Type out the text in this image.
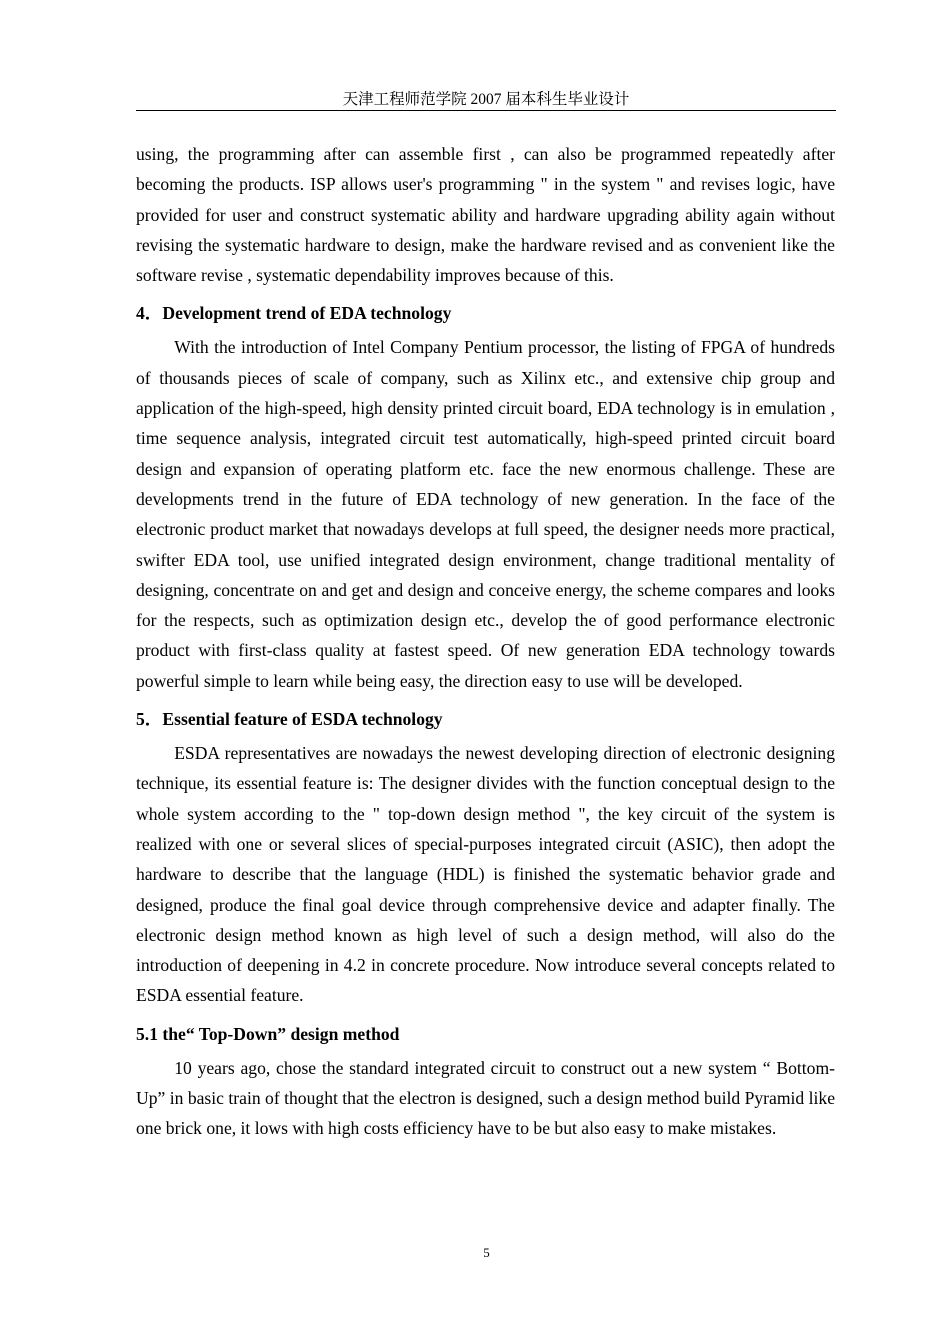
天津工程师范学院 2007 届本科生毕业设计

using, the programming after can assemble first , can also be programmed repeatedly after becoming the products. ISP allows user's programming " in the system " and revises logic, have provided for user and construct systematic ability and hardware upgrading ability again without revising the systematic hardware to design, make the hardware revised and as convenient like the software revise , systematic dependability improves because of this.

4．Development trend of EDA technology

With the introduction of Intel Company Pentium processor, the listing of FPGA of hundreds of thousands pieces of scale of company, such as Xilinx etc., and extensive chip group and application of the high-speed, high density printed circuit board, EDA technology is in emulation , time sequence analysis, integrated circuit test automatically, high-speed printed circuit board design and expansion of operating platform etc. face the new enormous challenge. These are developments trend in the future of EDA technology of new generation. In the face of the electronic product market that nowadays develops at full speed, the designer needs more practical, swifter EDA tool, use unified integrated design environment, change traditional mentality of designing, concentrate on and get and design and conceive energy, the scheme compares and looks for the respects, such as optimization design etc., develop the of good performance electronic product with first-class quality at fastest speed. Of new generation EDA technology towards powerful simple to learn while being easy, the direction easy to use will be developed.

5．Essential feature of ESDA technology

ESDA representatives are nowadays the newest developing direction of electronic designing technique, its essential feature is: The designer divides with the function conceptual design to the whole system according to the " top-down design method ", the key circuit of the system is realized with one or several slices of special-purposes integrated circuit (ASIC), then adopt the hardware to describe that the language (HDL) is finished the systematic behavior grade and designed, produce the final goal device through comprehensive device and adapter finally. The electronic design method known as high level of such a design method, will also do the introduction of deepening in 4.2 in concrete procedure. Now introduce several concepts related to ESDA essential feature.

5.1 the“ Top-Down” design method

10 years ago, chose the standard integrated circuit to construct out a new system “ Bottom-Up” in basic train of thought that the electron is designed, such a design method build Pyramid like one brick one, it lows with high costs efficiency have to be but also easy to make mistakes.

5
